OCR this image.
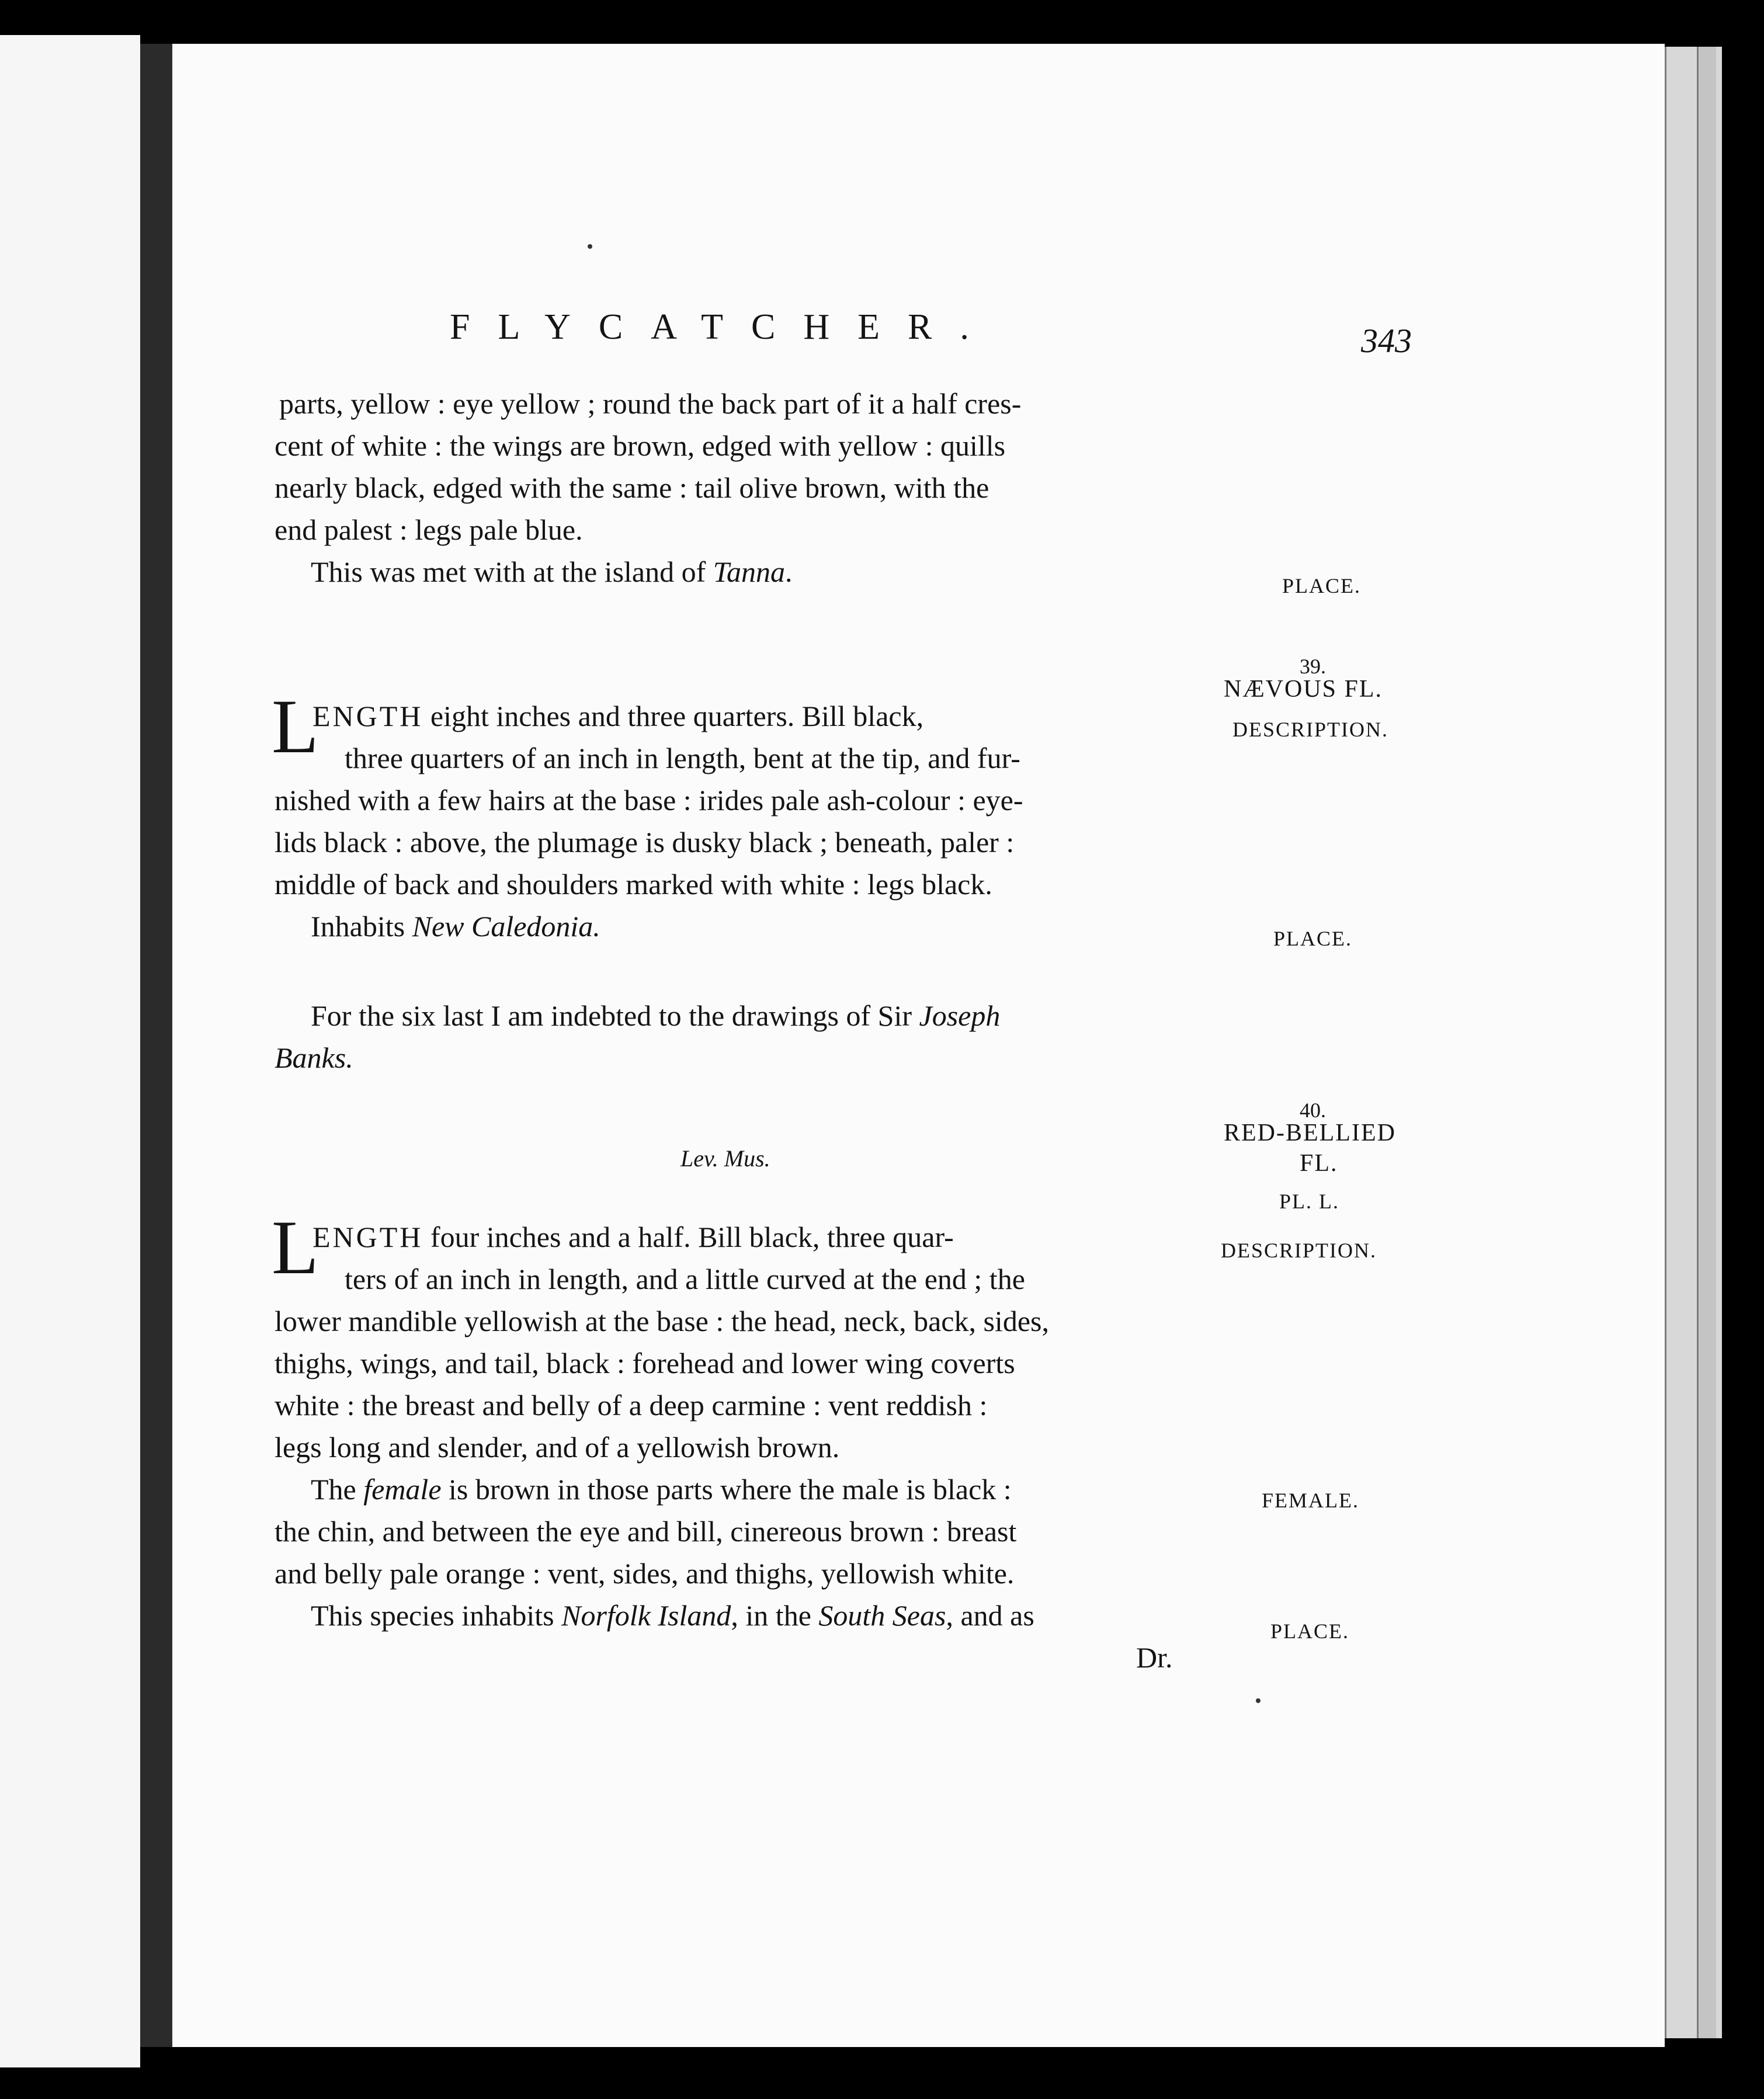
FLYCATCHER.	343
parts, yellow : eye yellow ; round the back part of it a half cres-
cent of white : the wings are brown, edged with yellow : quills
nearly black, edged with the same : tail olive brown, with the
end palest : legs pale blue.
This was met with at the island of Tanna.
L
ENGTH eight inches and three quarters. Bill black,
three quarters of an inch in length, bent at the tip, and fur-
nished with a few hairs at the base : irides pale ash-colour : eye-
lids black : above, the plumage is dusky black ; beneath, paler :
middle of back and shoulders marked with white : legs black.
Inhabits New Caledonia.
For the six last I am indebted to the drawings of Sir Joseph
Banks.
Lev. Mus.
L
ENGTH four inches and a half. Bill black, three quar-
ters of an inch in length, and a little curved at the end ; the
lower mandible yellowish at the base : the head, neck, back, sides,
thighs, wings, and tail, black : forehead and lower wing coverts
white : the breast and belly of a deep carmine : vent reddish :
legs long and slender, and of a yellowish brown.
The female is brown in those parts where the male is black :
the chin, and between the eye and bill, cinereous brown : breast
and belly pale orange : vent, sides, and thighs, yellowish white.
This species inhabits Norfolk Island, in the South Seas, and as
Dr.
PLACE.
39.
NÆVOUS FL.
DESCRIPTION.
PLACE.
40.
RED-BELLIED
FL.
PL. L.
DESCRIPTION.
FEMALE.
PLACE.
